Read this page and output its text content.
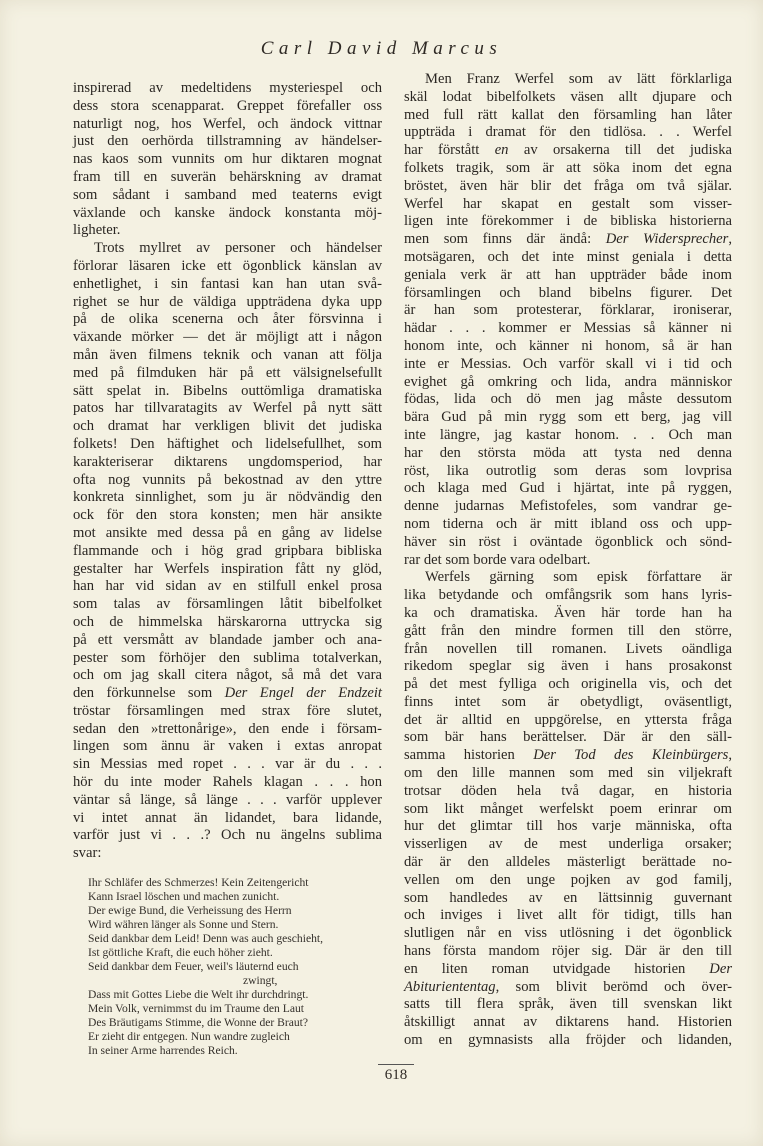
Carl David Marcus
inspirerad av medeltidens mysteriespel och
dess stora scenapparat. Greppet förefaller oss
naturligt nog, hos Werfel, och ändock vittnar
just den oerhörda tillstramning av händelser-
nas kaos som vunnits om hur diktaren mognat
fram till en suverän behärskning av dramat
som sådant i samband med teaterns evigt
växlande och kanske ändock konstanta möj-
ligheter.
Trots myllret av personer och händelser
förlorar läsaren icke ett ögonblick känslan av
enhetlighet, i sin fantasi kan han utan svå-
righet se hur de väldiga uppträdena dyka upp
på de olika scenerna och åter försvinna i
växande mörker — det är möjligt att i någon
mån även filmens teknik och vanan att följa
med på filmduken här på ett välsignelsefullt
sätt spelat in. Bibelns outtömliga dramatiska
patos har tillvaratagits av Werfel på nytt sätt
och dramat har verkligen blivit det judiska
folkets! Den häftighet och lidelsefullhet, som
karakteriserar diktarens ungdomsperiod, har
ofta nog vunnits på bekostnad av den yttre
konkreta sinnlighet, som ju är nödvändig den
ock för den stora konsten; men här ansikte
mot ansikte med dessa på en gång av lidelse
flammande och i hög grad gripbara bibliska
gestalter har Werfels inspiration fått ny glöd,
han har vid sidan av en stilfull enkel prosa
som talas av församlingen låtit bibelfolket
och de himmelska härskarorna uttrycka sig
på ett versmått av blandade jamber och ana-
pester som förhöjer den sublima totalverkan,
och om jag skall citera något, så må det vara
den förkunnelse som Der Engel der Endzeit
tröstar församlingen med strax före slutet,
sedan den »trettonårige», den ende i försam-
lingen som ännu är vaken i extas anropat
sin Messias med ropet . . . var är du . . .
hör du inte moder Rahels klagan . . . hon
väntar så länge, så länge . . . varför upplever
vi intet annat än lidandet, bara lidande,
varför just vi . . .? Och nu ängelns sublima
svar:
Men Franz Werfel som av lätt förklarliga
skäl lodat bibelfolkets väsen allt djupare och
med full rätt kallat den församling han låter
uppträda i dramat för den tidlösa. . . Werfel
har förstått en av orsakerna till det judiska
folkets tragik, som är att söka inom det egna
bröstet, även här blir det fråga om två själar.
Werfel har skapat en gestalt som visser-
ligen inte förekommer i de bibliska historierna
men som finns där ändå: Der Widersprecher,
motsägaren, och det inte minst geniala i detta
geniala verk är att han uppträder både inom
församlingen och bland bibelns figurer. Det
är han som protesterar, förklarar, ironiserar,
hädar . . . kommer er Messias så känner ni
honom inte, och känner ni honom, så är han
inte er Messias. Och varför skall vi i tid och
evighet gå omkring och lida, andra människor
födas, lida och dö men jag måste dessutom
bära Gud på min rygg som ett berg, jag vill
inte längre, jag kastar honom. . . Och man
har den största möda att tysta ned denna
röst, lika outrotlig som deras som lovprisa
och klaga med Gud i hjärtat, inte på ryggen,
denne judarnas Mefistofeles, som vandrar ge-
nom tiderna och är mitt ibland oss och upp-
häver sin röst i oväntade ögonblick och sönd-
rar det som borde vara odelbart.
Werfels gärning som episk författare är
lika betydande och omfångsrik som hans lyris-
ka och dramatiska. Även här torde han ha
gått från den mindre formen till den större,
från novellen till romanen. Livets oändliga
rikedom speglar sig även i hans prosakonst
på det mest fylliga och originella vis, och det
finns intet som är obetydligt, oväsentligt,
det är alltid en uppgörelse, en yttersta fråga
som bär hans berättelser. Där är den säll-
samma historien Der Tod des Kleinbürgers,
om den lille mannen som med sin viljekraft
trotsar döden hela två dagar, en historia
som likt månget werfelskt poem erinrar om
hur det glimtar till hos varje människa, ofta
visserligen av de mest underliga orsaker;
där är den alldeles mästerligt berättade no-
vellen om den unge pojken av god familj,
som handledes av en lättsinnig guvernant
och inviges i livet allt för tidigt, tills han
slutligen når en viss utlösning i det ögonblick
hans första mandom röjer sig. Där är den till
en liten roman utvidgade historien Der
Abituriententag, som blivit berömd och över-
satts till flera språk, även till svenskan likt
åtskilligt annat av diktarens hand. Historien
om en gymnasists alla fröjder och lidanden,
Ihr Schläfer des Schmerzes! Kein Zeitengericht
Kann Israel löschen und machen zunicht.
Der ewige Bund, die Verheissung des Herrn
Wird währen länger als Sonne und Stern.
Seid dankbar dem Leid! Denn was auch geschieht,
Ist göttliche Kraft, die euch höher zieht.
Seid dankbar dem Feuer, weil's läuternd euch
zwingt,
Dass mit Gottes Liebe die Welt ihr durchdringt.
Mein Volk, vernimmst du im Traume den Laut
Des Bräutigams Stimme, die Wonne der Braut?
Er zieht dir entgegen. Nun wandre zugleich
In seiner Arme harrendes Reich.
618
